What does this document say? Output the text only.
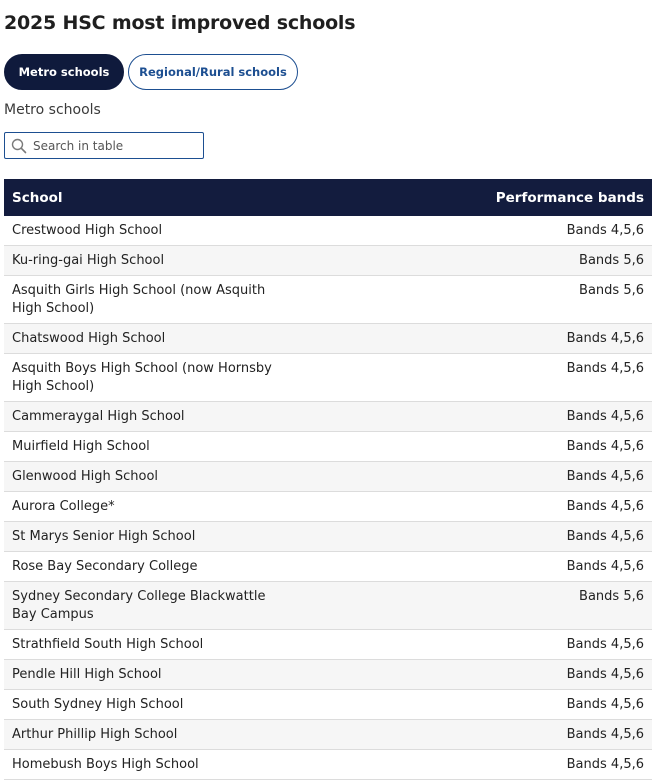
2025 HSC most improved schools
Metro schools	Regional/Rural schools
Metro schools
Search in table
School	Performance bands
Crestwood High School	Bands 4,5,6
Ku-ring-gai High School	Bands 5,6
Asquith Girls High School (now Asquith High School)	Bands 5,6
Chatswood High School	Bands 4,5,6
Asquith Boys High School (now Hornsby High School)	Bands 4,5,6
Cammeraygal High School	Bands 4,5,6
Muirfield High School	Bands 4,5,6
Glenwood High School	Bands 4,5,6
Aurora College*	Bands 4,5,6
St Marys Senior High School	Bands 4,5,6
Rose Bay Secondary College	Bands 4,5,6
Sydney Secondary College Blackwattle Bay Campus	Bands 5,6
Strathfield South High School	Bands 4,5,6
Pendle Hill High School	Bands 4,5,6
South Sydney High School	Bands 4,5,6
Arthur Phillip High School	Bands 4,5,6
Homebush Boys High School	Bands 4,5,6
